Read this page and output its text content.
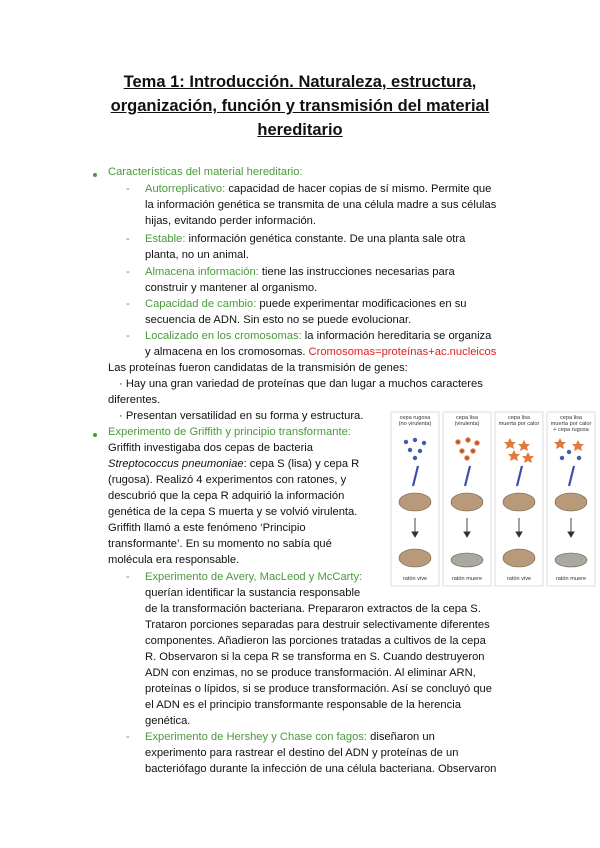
Tema 1: Introducción. Naturaleza, estructura,
organización, función y transmisión del material
hereditario
Características del material hereditario:
- Autorreplicativo: capacidad de hacer copias de sí mismo. Permite que
la información genética se transmita de una célula madre a sus células
hijas, evitando perder información.
- Estable: información genética constante. De una planta sale otra
planta, no un animal.
- Almacena información: tiene las instrucciones necesarias para
construir y mantener al organismo.
- Capacidad de cambio: puede experimentar modificaciones en su
secuencia de ADN. Sin esto no se puede evolucionar.
- Localizado en los cromosomas: la información hereditaria se organiza
y almacena en los cromosomas. Cromosomas=proteínas+ac.nucleicos
Las proteínas fueron candidatas de la transmisión de genes:
· Hay una gran variedad de proteínas que dan lugar a muchos caracteres
diferentes.
· Presentan versatilidad en su forma y estructura.
Experimento de Griffith y principio transformante:
Griffith investigaba dos cepas de bacteria
Streptococcus pneumoniae: cepa S (lisa) y cepa R
(rugosa). Realizó 4 experimentos con ratones, y
descubrió que la cepa R adquirió la información
genética de la cepa S muerta y se volvió virulenta.
Griffith llamó a este fenómeno ‘Principio
transformante’. En su momento no sabía qué
molécula era responsable.
- Experimento de Avery, MacLeod y McCarty:
querían identificar la sustancia responsable
de la transformación bacteriana. Prepararon extractos de la cepa S.
Trataron porciones separadas para destruir selectivamente diferentes
componentes. Añadieron las porciones tratadas a cultivos de la cepa
R. Observaron si la cepa R se transforma en S. Cuando destruyeron
ADN con enzimas, no se produce transformación. Al eliminar ARN,
proteínas o lípidos, si se produce transformación. Así se concluyó que
el ADN es el principio transformante responsable de la herencia
genética.
- Experimento de Hershey y Chase con fagos: diseñaron un
experimento para rastrear el destino del ADN y proteínas de un
bacteriófago durante la infección de una célula bacteriana. Observaron
cepa rugosa
(no virulenta)
cepa lisa
(virulenta)
cepa lisa
muerta por calor
cepa lisa
muerta por calor
+ cepa rugosa
ratón vive	ratón muere	ratón vive	ratón muere
